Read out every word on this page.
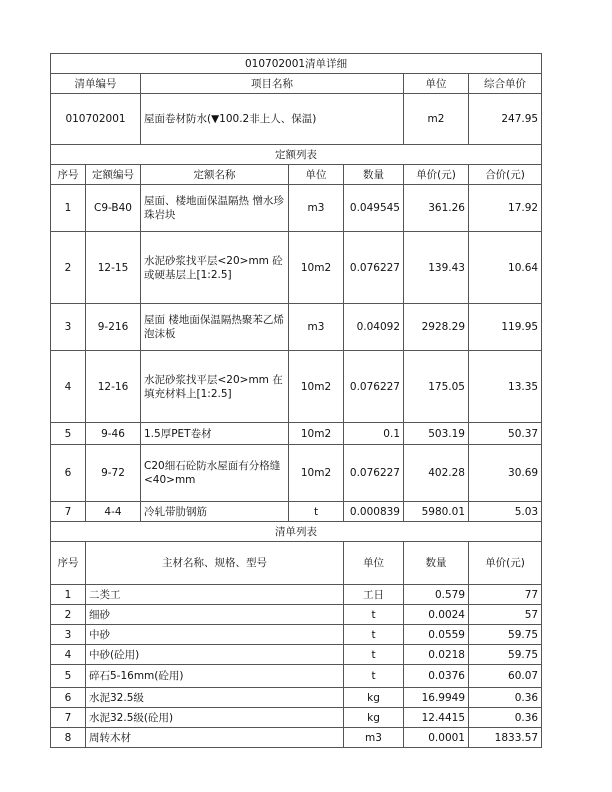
010702001清单详细							
清单编号		项目名称			单位	综合单价	
010702001		屋面卷材防水(▼100.2非上人、保温)			m2	247.95	
定额列表							
序号	定额编号	定额名称	单位	数量	单价(元)	合价(元)	
1	C9-B40	屋面、楼地面保温隔热 憎水珍珠岩块	m3	0.049545	361.26	17.92	
2	12-15	水泥砂浆找平层<20>mm 砼或硬基层上[1:2.5]	10m2	0.076227	139.43	10.64	
3	9-216	屋面 楼地面保温隔热聚苯乙烯泡沫板	m3	0.04092	2928.29	119.95	
4	12-16	水泥砂浆找平层<20>mm 在填充材料上[1:2.5]	10m2	0.076227	175.05	13.35	
5	9-46	1.5厚PET卷材	10m2	0.1	503.19	50.37	
6	9-72	C20细石砼防水屋面有分格缝<40>mm	10m2	0.076227	402.28	30.69	
7	4-4	冷轧带肋钢筋	t	0.000839	5980.01	5.03	
清单列表							
序号	主材名称、规格、型号			单位	数量	单价(元)	
1	二类工			工日	0.579	77	
2	细砂			t	0.0024	57	
3	中砂			t	0.0559	59.75	
4	中砂(砼用)			t	0.0218	59.75	
5	碎石5-16mm(砼用)			t	0.0376	60.07	
6	水泥32.5级			kg	16.9949	0.36	
7	水泥32.5级(砼用)			kg	12.4415	0.36	
8	周转木材			m3	0.0001	1833.57	
